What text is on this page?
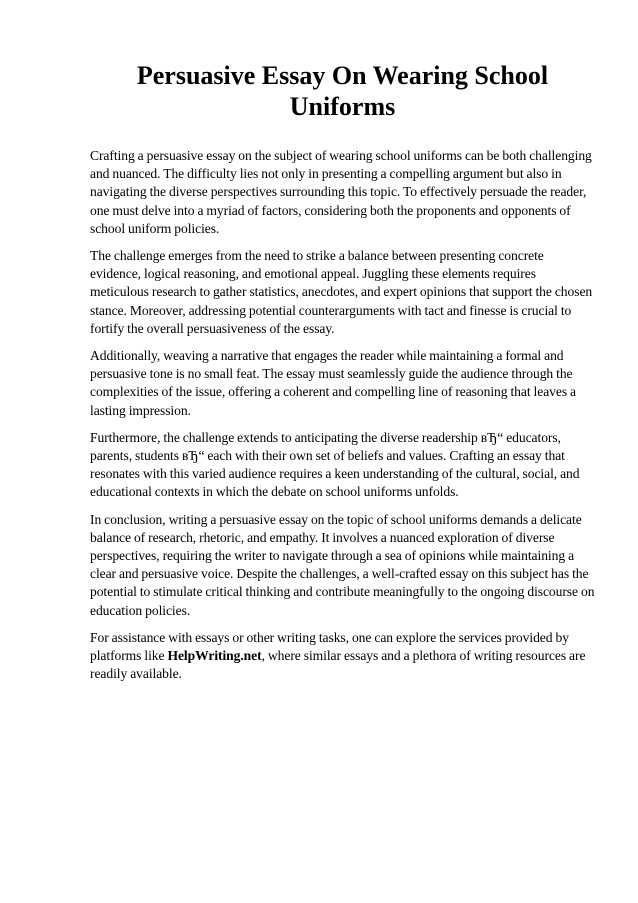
Persuasive Essay On Wearing School Uniforms

Crafting a persuasive essay on the subject of wearing school uniforms can be both challenging and nuanced. The difficulty lies not only in presenting a compelling argument but also in navigating the diverse perspectives surrounding this topic. To effectively persuade the reader, one must delve into a myriad of factors, considering both the proponents and opponents of school uniform policies.

The challenge emerges from the need to strike a balance between presenting concrete evidence, logical reasoning, and emotional appeal. Juggling these elements requires meticulous research to gather statistics, anecdotes, and expert opinions that support the chosen stance. Moreover, addressing potential counterarguments with tact and finesse is crucial to fortify the overall persuasiveness of the essay.

Additionally, weaving a narrative that engages the reader while maintaining a formal and persuasive tone is no small feat. The essay must seamlessly guide the audience through the complexities of the issue, offering a coherent and compelling line of reasoning that leaves a lasting impression.

Furthermore, the challenge extends to anticipating the diverse readership вЂ“ educators, parents, students вЂ“ each with their own set of beliefs and values. Crafting an essay that resonates with this varied audience requires a keen understanding of the cultural, social, and educational contexts in which the debate on school uniforms unfolds.

In conclusion, writing a persuasive essay on the topic of school uniforms demands a delicate balance of research, rhetoric, and empathy. It involves a nuanced exploration of diverse perspectives, requiring the writer to navigate through a sea of opinions while maintaining a clear and persuasive voice. Despite the challenges, a well-crafted essay on this subject has the potential to stimulate critical thinking and contribute meaningfully to the ongoing discourse on education policies.

For assistance with essays or other writing tasks, one can explore the services provided by platforms like HelpWriting.net, where similar essays and a plethora of writing resources are readily available.
